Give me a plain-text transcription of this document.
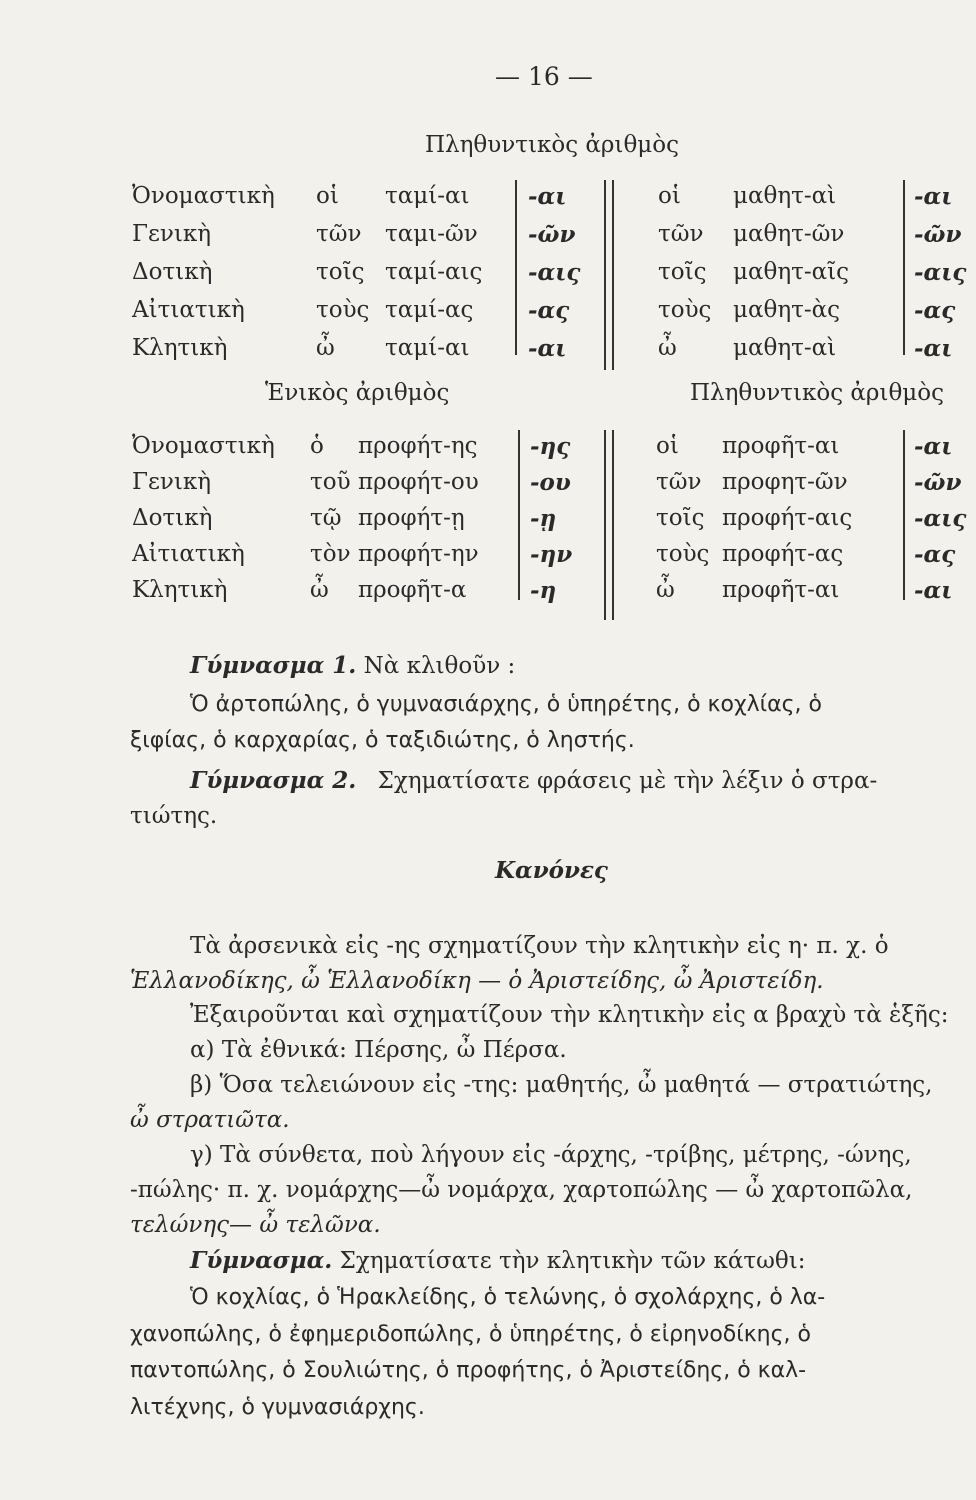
— 16 —
Πληθυντικὸς ἀριθμὸς
Ὀνομαστικὴ οἱ ταμί-αι	-αι	οἱ μαθητ-αὶ	-αι
Γενικὴ	τῶν ταμι-ῶν -ῶν	τῶν μαθητ-ῶν	-ῶν
Δοτικὴ	τοῖς ταμί-αις -αις	τοῖς μαθητ-αῖς	-αις
Αἰτιατικὴ	τοὺς ταμί-ας -ας	τοὺς μαθητ-ὰς	-ας
Κλητικὴ	ὦ ταμί-αι	-αι	ὦ μαθητ-αὶ	-αι
Ἑνικὸς ἀριθμὸς	Πληθυντικὸς ἀριθμὸς
Ὀνομαστικὴ ὁ προφήτ-ης -ης	οἱ προφῆτ-αι	-αι
Γενικὴ	τοῦ προφήτ-ου -ου	τῶν προφητ-ῶν	-ῶν
Δοτικὴ	τῷ προφήτ-ῃ	-ῃ	τοῖς προφήτ-αις	-αις
Αἰτιατικὴ	τὸν προφήτ-ην -ην	τοὺς προφήτ-ας	-ας
Κλητικὴ	ὦ προφῆτ-α	-η	ὦ προφῆτ-αι	-αι
Γύμνασμα 1. Νὰ κλιθοῦν :
Ὁ ἀρτοπώλης, ὁ γυμνασιάρχης, ὁ ὑπηρέτης, ὁ κοχλίας, ὁ
ξιφίας, ὁ καρχαρίας, ὁ ταξιδιώτης, ὁ ληστής.
Γύμνασμα 2. Σχηματίσατε φράσεις μὲ τὴν λέξιν ὁ στρα-
τιώτης.
Κανόνες
Τὰ ἀρσενικὰ εἰς -ης σχηματίζουν τὴν κλητικὴν εἰς η· π. χ. ὁ
Ἑλλανοδίκης, ὦ Ἑλλανοδίκη — ὁ Ἀριστείδης, ὦ Ἀριστείδη.
Ἐξαιροῦνται καὶ σχηματίζουν τὴν κλητικὴν εἰς α βραχὺ τὰ ἑξῆς:
α) Τὰ ἐθνικά: Πέρσης, ὦ Πέρσα.
β) Ὅσα τελειώνουν εἰς -της: μαθητής, ὦ μαθητά — στρατιώτης,
ὦ στρατιῶτα.
γ) Τὰ σύνθετα, ποὺ λήγουν εἰς -άρχης, -τρίβης, μέτρης, -ώνης,
-πώλης· π. χ. νομάρχης—ὦ νομάρχα, χαρτοπώλης — ὦ χαρτοπῶλα,
τελώνης— ὦ τελῶνα.
Γύμνασμα. Σχηματίσατε τὴν κλητικὴν τῶν κάτωθι:
Ὁ κοχλίας, ὁ Ἡρακλείδης, ὁ τελώνης, ὁ σχολάρχης, ὁ λα-
χανοπώλης, ὁ ἐφημεριδοπώλης, ὁ ὑπηρέτης, ὁ εἰρηνοδίκης, ὁ
παντοπώλης, ὁ Σουλιώτης, ὁ προφήτης, ὁ Ἀριστείδης, ὁ καλ-
λιτέχνης, ὁ γυμνασιάρχης.
